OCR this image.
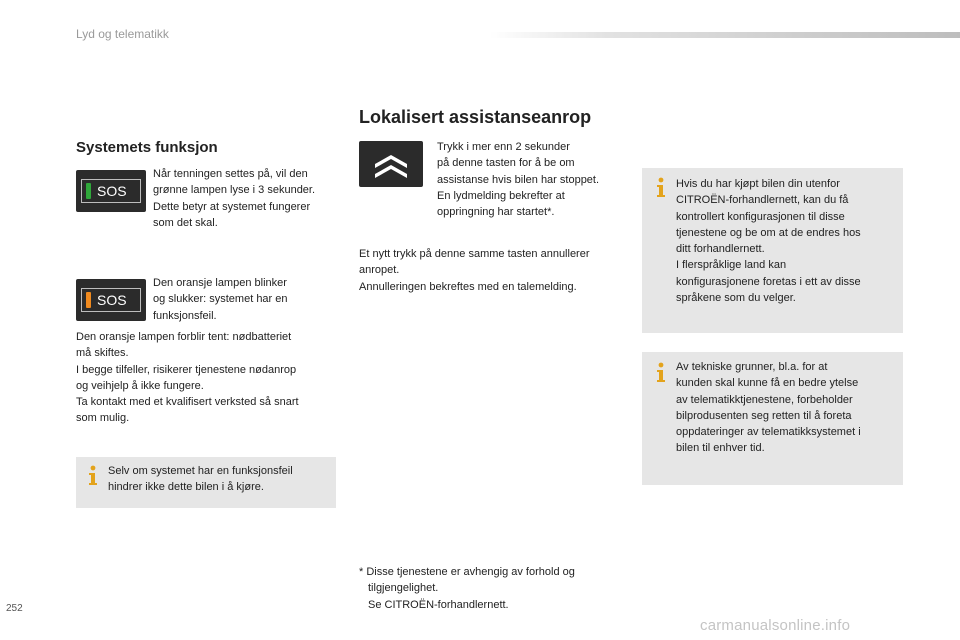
Lyd og telematikk
Systemets funksjon
SOS
Når tenningen settes på, vil den
grønne lampen lyse i 3 sekunder.
Dette betyr at systemet fungerer
som det skal.
SOS
Den oransje lampen blinker
og slukker: systemet har en
funksjonsfeil.
Den oransje lampen forblir tent: nødbatteriet
må skiftes.
I begge tilfeller, risikerer tjenestene nødanrop
og veihjelp å ikke fungere.
Ta kontakt med et kvalifisert verksted så snart
som mulig.
Selv om systemet har en funksjonsfeil
hindrer ikke dette bilen i å kjøre.
Lokalisert assistanseanrop
Trykk i mer enn 2 sekunder
på denne tasten for å be om
assistanse hvis bilen har stoppet.
En lydmelding bekrefter at
oppringning har startet*.
Et nytt trykk på denne samme tasten annullerer
anropet.
Annulleringen bekreftes med en talemelding.
* Disse tjenestene er avhengig av forhold og
tilgjengelighet.
Se CITROËN-forhandlernett.
Hvis du har kjøpt bilen din utenfor
CITROËN-forhandlernett, kan du få
kontrollert konfigurasjonen til disse
tjenestene og be om at de endres hos
ditt forhandlernett.
I flerspråklige land kan
konfigurasjonene foretas i ett av disse
språkene som du velger.
Av tekniske grunner, bl.a. for at
kunden skal kunne få en bedre ytelse
av telematikktjenestene, forbeholder
bilprodusenten seg retten til å foreta
oppdateringer av telematikksystemet i
bilen til enhver tid.
252
carmanualsonline.info
